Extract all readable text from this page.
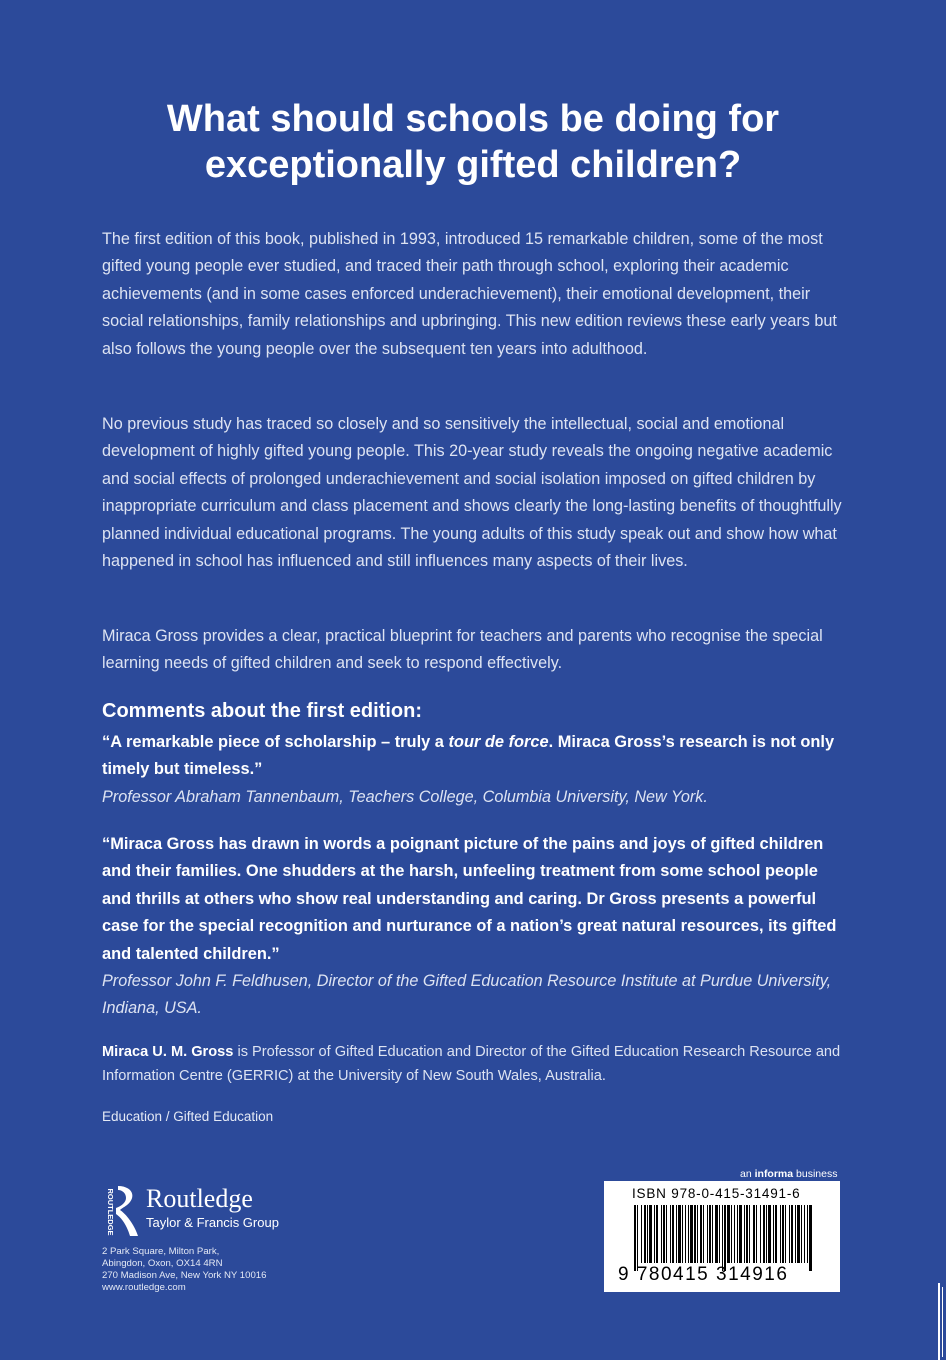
What should schools be doing for
exceptionally gifted children?
The first edition of this book, published in 1993, introduced 15 remarkable children, some of the most gifted young people ever studied, and traced their path through school, exploring their academic achievements (and in some cases enforced underachievement), their emotional development, their social relationships, family relationships and upbringing. This new edition reviews these early years but also follows the young people over the subsequent ten years into adulthood.
No previous study has traced so closely and so sensitively the intellectual, social and emotional development of highly gifted young people. This 20-year study reveals the ongoing negative academic and social effects of prolonged underachievement and social isolation imposed on gifted children by inappropriate curriculum and class placement and shows clearly the long-lasting benefits of thoughtfully planned individual educational programs. The young adults of this study speak out and show how what happened in school has influenced and still influences many aspects of their lives.
Miraca Gross provides a clear, practical blueprint for teachers and parents who recognise the special learning needs of gifted children and seek to respond effectively.
Comments about the first edition:
“A remarkable piece of scholarship – truly a tour de force. Miraca Gross’s research is not only timely but timeless.”
Professor Abraham Tannenbaum, Teachers College, Columbia University, New York.
“Miraca Gross has drawn in words a poignant picture of the pains and joys of gifted children and their families. One shudders at the harsh, unfeeling treatment from some school people and thrills at others who show real understanding and caring. Dr Gross presents a powerful case for the special recognition and nurturance of a nation’s great natural resources, its gifted and talented children.”
Professor John F. Feldhusen, Director of the Gifted Education Resource Institute at Purdue University, Indiana, USA.
Miraca U. M. Gross is Professor of Gifted Education and Director of the Gifted Education Research Resource and Information Centre (GERRIC) at the University of New South Wales, Australia.
Education / Gifted Education
ROUTLEDGE Routledge
Taylor & Francis Group
2 Park Square, Milton Park,
Abingdon, Oxon, OX14 4RN
270 Madison Ave, New York NY 10016
www.routledge.com
an informa business
ISBN 978-0-415-31491-6
9 780415 314916
